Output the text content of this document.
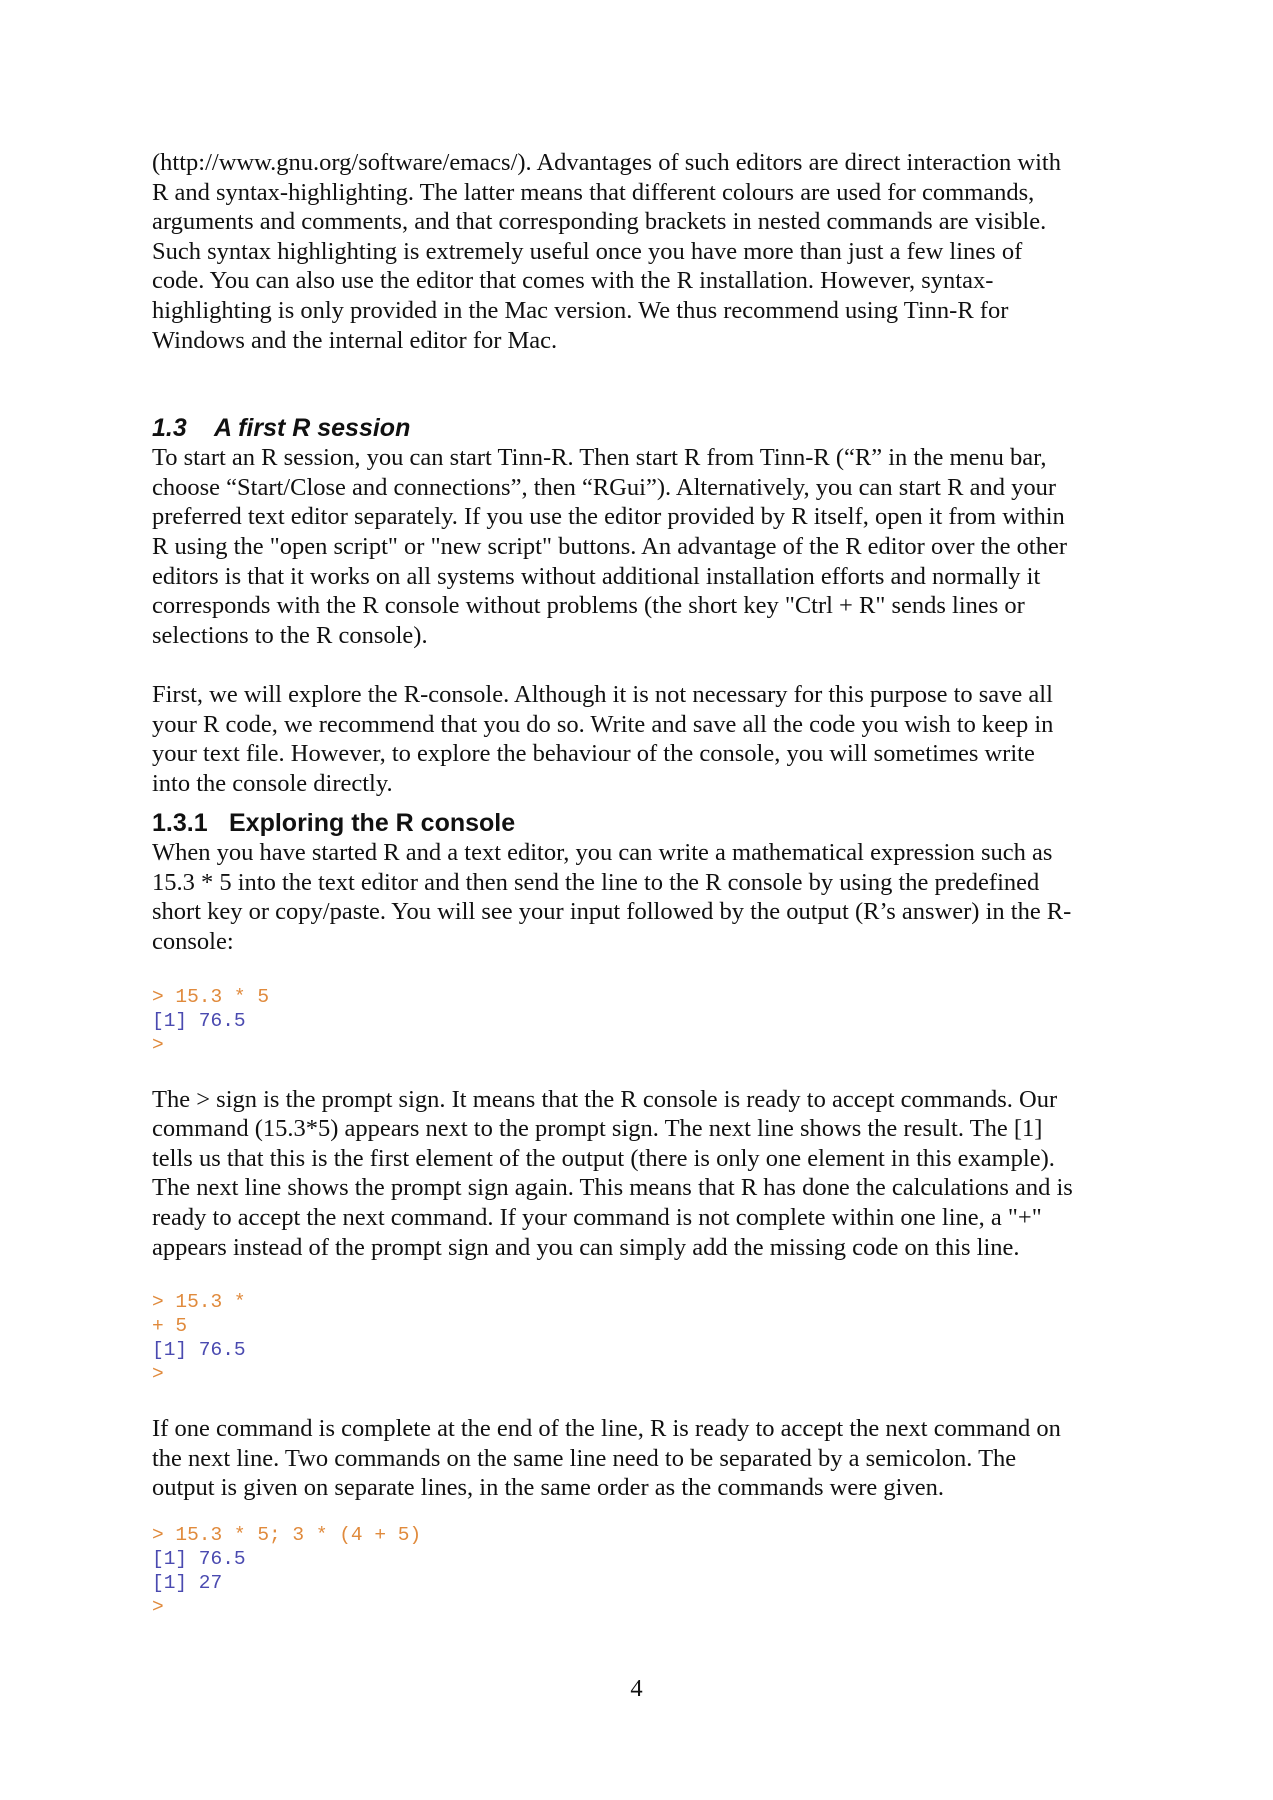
(http://www.gnu.org/software/emacs/). Advantages of such editors are direct interaction with
R and syntax-highlighting. The latter means that different colours are used for commands,
arguments and comments, and that corresponding brackets in nested commands are visible.
Such syntax highlighting is extremely useful once you have more than just a few lines of
code. You can also use the editor that comes with the R installation. However, syntax-
highlighting is only provided in the Mac version. We thus recommend using Tinn-R for
Windows and the internal editor for Mac.

1.3 A first R session

To start an R session, you can start Tinn-R. Then start R from Tinn-R (“R” in the menu bar,
choose “Start/Close and connections”, then “RGui”). Alternatively, you can start R and your
preferred text editor separately. If you use the editor provided by R itself, open it from within
R using the "open script" or "new script" buttons. An advantage of the R editor over the other
editors is that it works on all systems without additional installation efforts and normally it
corresponds with the R console without problems (the short key "Ctrl + R" sends lines or
selections to the R console).

First, we will explore the R-console. Although it is not necessary for this purpose to save all
your R code, we recommend that you do so. Write and save all the code you wish to keep in
your text file. However, to explore the behaviour of the console, you will sometimes write
into the console directly.

1.3.1 Exploring the R console

When you have started R and a text editor, you can write a mathematical expression such as
15.3 * 5 into the text editor and then send the line to the R console by using the predefined
short key or copy/paste. You will see your input followed by the output (R’s answer) in the R-
console:

> 15.3 * 5
[1] 76.5
>

The > sign is the prompt sign. It means that the R console is ready to accept commands. Our
command (15.3*5) appears next to the prompt sign. The next line shows the result. The [1]
tells us that this is the first element of the output (there is only one element in this example).
The next line shows the prompt sign again. This means that R has done the calculations and is
ready to accept the next command. If your command is not complete within one line, a "+"
appears instead of the prompt sign and you can simply add the missing code on this line.

> 15.3 *
+ 5
[1] 76.5
>

If one command is complete at the end of the line, R is ready to accept the next command on
the next line. Two commands on the same line need to be separated by a semicolon. The
output is given on separate lines, in the same order as the commands were given.

> 15.3 * 5; 3 * (4 + 5)
[1] 76.5
[1] 27
>
4
